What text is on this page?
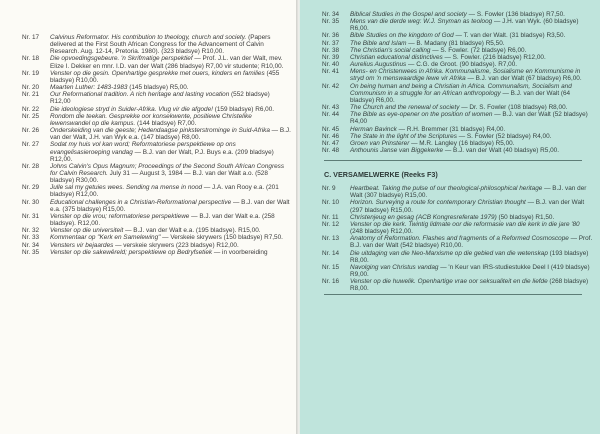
Nr. 17	Calvinus Reformator. His contribution to theology, church and society. (Papers delivered at the First South African Congress for the Advancement of Calvin Research. Aug. 12-14, Pretoria. 1980). (323 bladsye) R10,00.
Nr. 18	Die opvoedingsgebeure. 'n Skrifmatige perspektief — Prof. J.L. van der Walt, mev. Elize I. Dekker en mnr. I.D. van der Walt (286 bladsye) R7,00 vir studente; R10,00.
Nr. 19	Venster op die gesin. Openhartige gesprekke met ouers, kinders en families (455 bladsye) R10,00.
Nr. 20	Maarten Luther: 1483-1983 (145 bladsye) R5,00.
Nr. 21	Our Reformational tradition. A rich heritage and lasting vocation (552 bladsye) R12,00
Nr. 22	Die ideologiese stryd in Suider-Afrika. Vlug vir die afgode! (159 bladsye) R6,00.
Nr. 25	Rondom die teekan. Gesprekke oor konsekwente, positiewe Christelike lewenswandel op die kampus. (144 bladsye) R7,00.
Nr. 26	Onderskeiding van die geeste; Hedendaagse pinksterstrominge in Suid-Afrika — B.J. van der Walt, J.H. van Wyk e.a. (147 bladsye) R8,00.
Nr. 27	Sodat my huis vol kan word; Reformatoriese perspektiewe op ons evangelisasieroeping vandag — B.J. van der Walt, P.J. Buys e.a. (209 bladsye) R12,00.
Nr. 28	Johns Calvin's Opus Magnum; Proceedings of the Second South African Congress for Calvin Research. July 31 — August 3, 1984 — B.J. van der Walt a.o. (528 bladsye) R30,00.
Nr. 29	Julle sal my getuies wees. Sending na mense in nood — J.A. van Rooy e.a. (201 bladsye) R12,00.
Nr. 30	Educational challenges in a Christian-Reformational perspective — B.J. van der Walt e.a. (375 bladsye) R15,00.
Nr. 31	Venster op die vrou; reformatoriese perspektiewe — B.J. van der Walt e.a. (258 bladsye). R12,00.
Nr. 32	Venster op die universiteit — B.J. van der Walt e.a. (195 bladsye). R15,00.
Nr. 33	Kommentaar op "Kerk en Samelewing" — Verskeie skrywers (150 bladsye) R7,50.
Nr. 34	Vensters vir bejaardes — verskeie skrywers (223 bladsye) R12,00.
Nr. 35	Venster op die sakewêreld; perspektiewe op Bedryfsetiek — in voorbereiding
Nr. 34	Biblical Studies in the Gospel and society — S. Fowler (136 bladsye) R7,50.
Nr. 35	Mens van die derde weg: W.J. Snyman as teoloog — J.H. van Wyk. (60 bladsye) R6,00.
Nr. 36	Bible Studies on the kingdom of God — T. van der Walt. (31 bladsye) R3,50.
Nr. 37	The Bible and Islam — B. Madany (81 bladsye) R5,50.
Nr. 38	The Christian's social calling — S. Fowler. (72 bladsye) R6,00.
Nr. 39	Christian educational distinctives — S. Fowler. (216 bladsye) R12,00.
Nr. 40	Aurelius Augustinus — C.G. de Groot. (90 bladsye). R7,00.
Nr. 41	Mens- en Christenwees in Afrika. Kommunalisme, Sosialisme en Kommunisme in stryd om 'n menswaardige lewe vir Afrika — B.J. van der Walt (67 bladsye) R6,00.
Nr. 42	On being human and being a Christian in Africa. Communalism, Socialism and Communism in a struggle for an African anthropology — B.J. van der Walt (64 bladsye) R6,00.
Nr. 43	The Church and the renewal of society — Dr. S. Fowler (108 bladsye) R8,00.
Nr. 44	The Bible as eye-opener on the position of women — B.J. van der Walt (52 bladsye) R4,00
Nr. 45	Herman Bavinck — R.H. Bremmer (31 bladsye) R4,00.
Nr. 46	The State in the light of the Scriptures — S. Fowler (52 bladsye) R4,00.
Nr. 47	Groen van Prinsterer — M.R. Langley (16 bladsye) R5,00.
Nr. 48	Anthounis Janse van Biggekerke — B.J. van der Walt (40 bladsye) R5,00.
C. VERSAMELWERKE (Reeks F3)
Nr. 9	Heartbeat. Taking the pulse of our theological-philosophical heritage — B.J. van der Walt (307 bladsye) R15,00.
Nr. 10	Horizon. Surveying a route for contemporary Christian thought — B.J. van der Walt (297 bladsye) R15,00.
Nr. 11	Christenjeug en gesag (ACB Kongresreferate 1979) (50 bladsye) R1,50.
Nr. 12	Venster op die kerk. Twintig lidmate oor die reformasie van die kerk in die jare '80 (248 bladsye) R12,00.
Nr. 13	Anatomy of Reformation. Flashes and fragments of a Reformed Cosmoscope — Prof. B.J. van der Walt (542 bladsye) R10,00.
Nr. 14	Die uitdaging van die Neo-Marxisme op die gebied van die wetenskap (193 bladsye) R8,00.
Nr. 15	Navolging van Christus vandag — 'n Keur van IRS-studiestukke Deel I (419 bladsye) R9,00.
Nr. 16	Venster op die huwelik. Openhartige vrae oor seksualiteit en die liefde (268 bladsye) R8,00.
